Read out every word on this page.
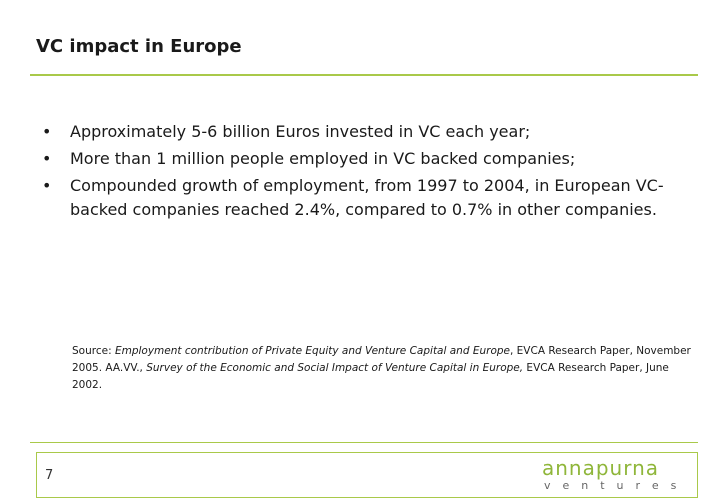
VC impact in Europe
• Approximately 5-6 billion Euros invested in VC each year;
• More than 1 million people employed in VC backed companies;
• Compounded growth of employment, from 1997 to 2004, in European VC-backed companies reached 2.4%, compared to 0.7% in other companies.
Source: Employment contribution of Private Equity and Venture Capital and Europe, EVCA Research Paper, November 2005. AA.VV., Survey of the Economic and Social Impact of Venture Capital in Europe, EVCA Research Paper, June 2002.
7	annapurna
ventures
